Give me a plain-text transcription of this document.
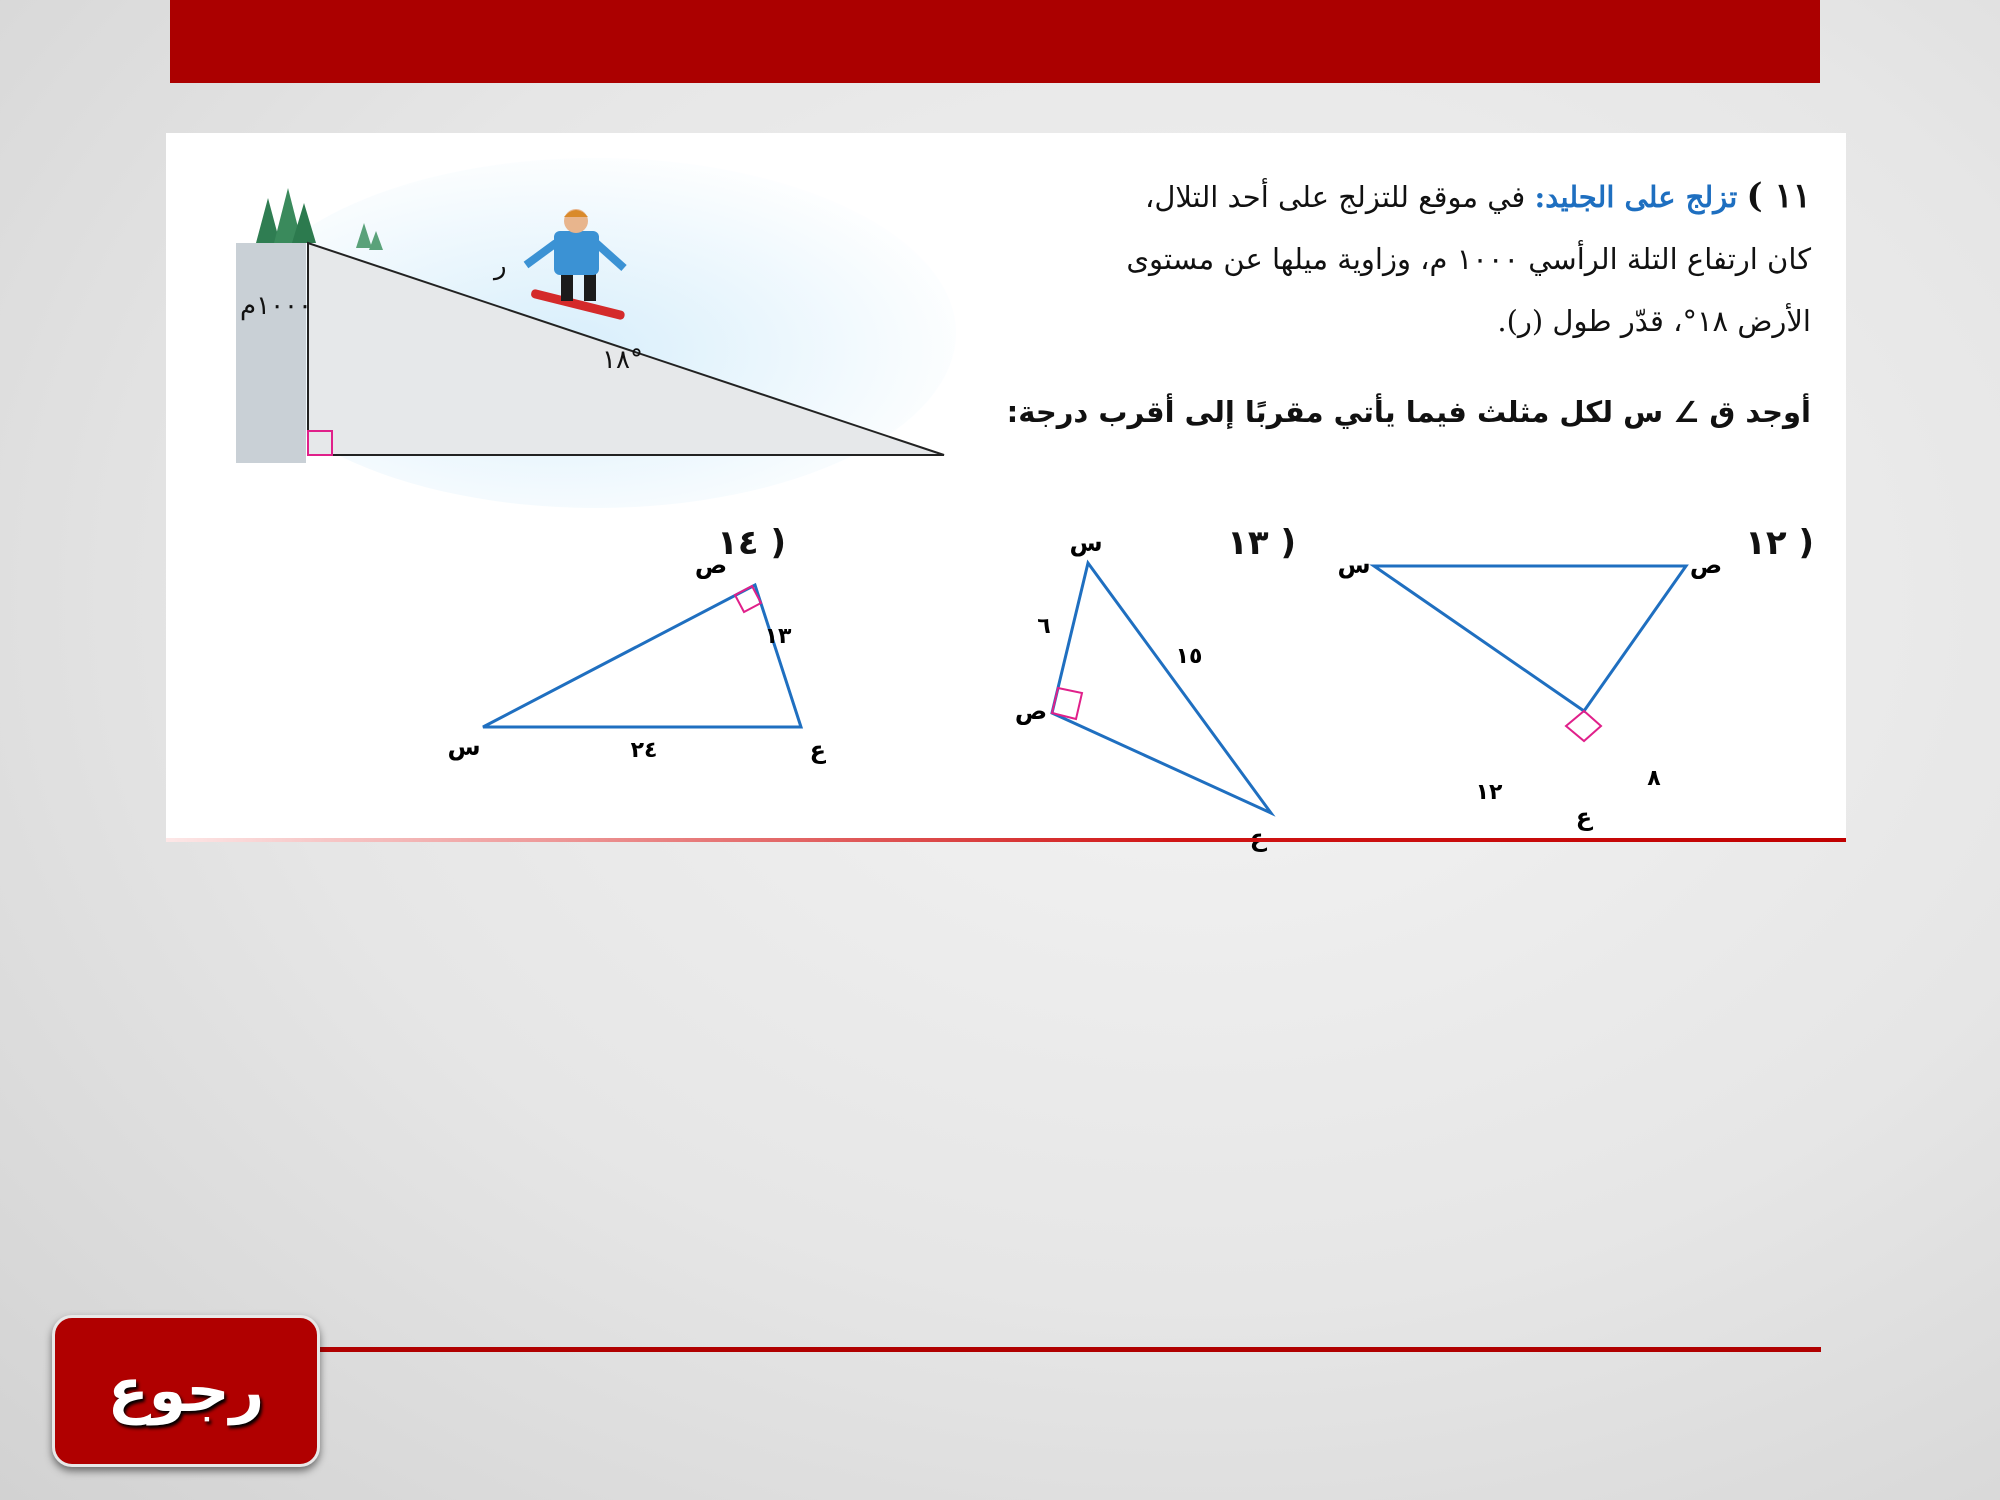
١٠٠٠م
ر
١٨°
١١ ) تزلج على الجليد: في موقع للتزلج على أحد التلال،
كان ارتفاع التلة الرأسي ١٠٠٠ م، وزاوية ميلها عن مستوى
الأرض ١٨°، قدّر طول (ر).
أوجد ق ∠ س لكل مثلث فيما يأتي مقربًا إلى أقرب درجة:
١٢ )
١٣ )
١٤ )
ص
س
ع
٨
١٢
س
ص
٦
١٥
ص
س	ع
١٣
٢٤
رجوع
